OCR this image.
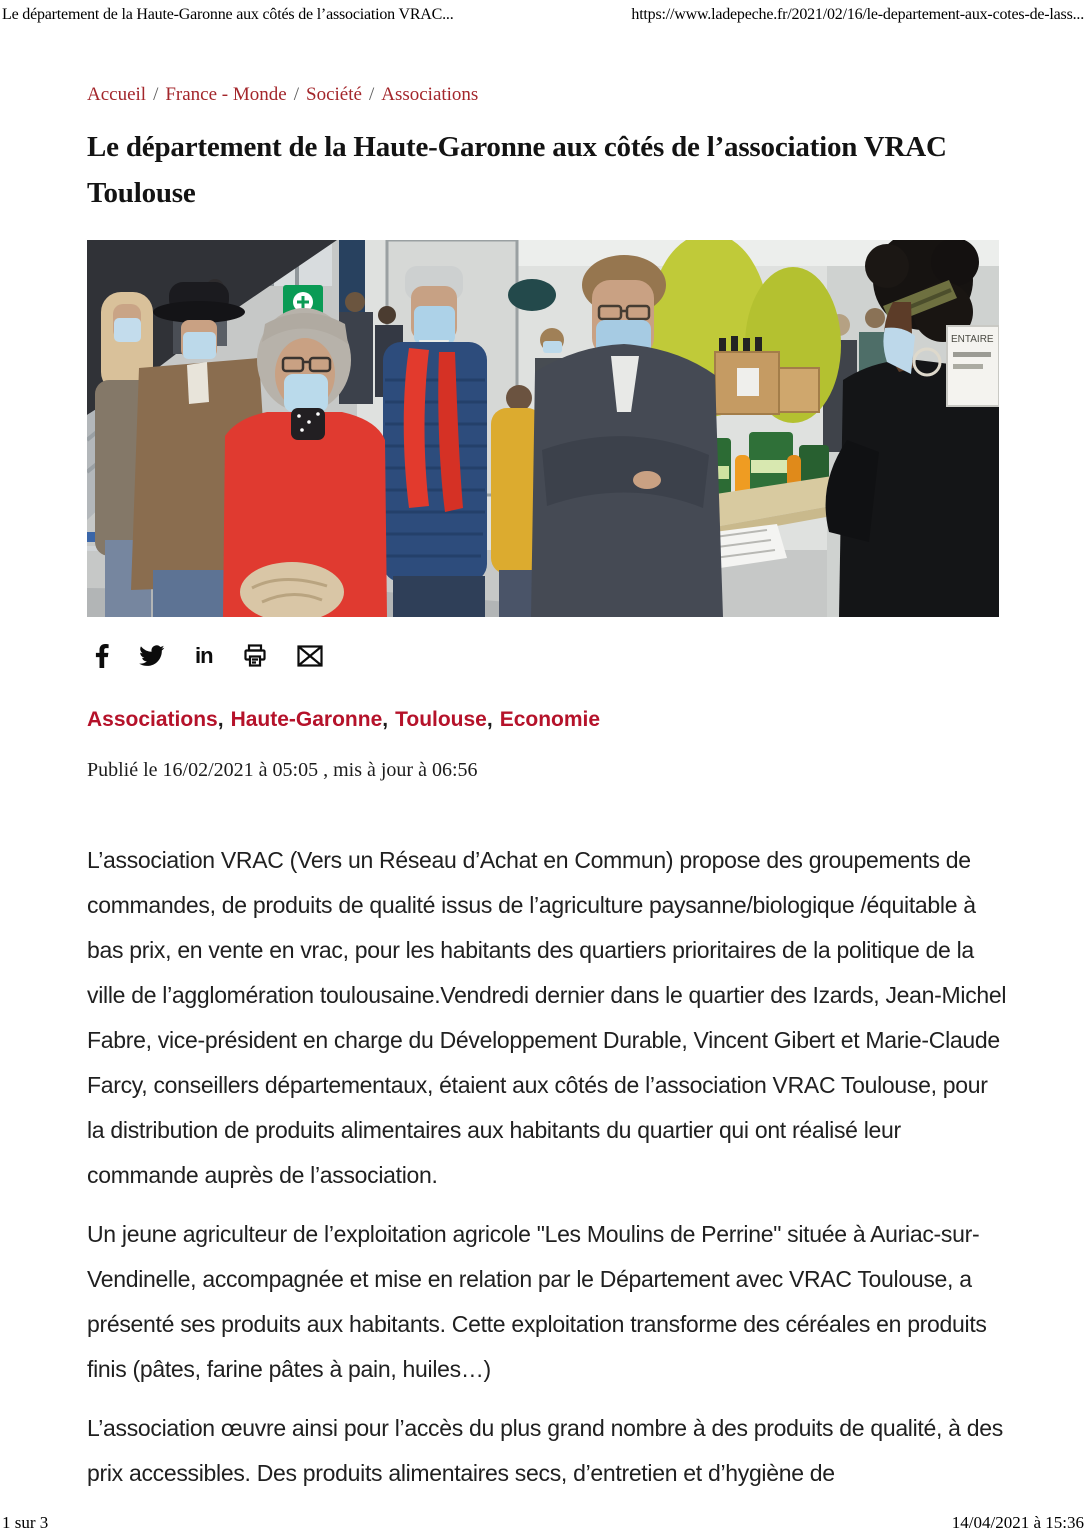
Le département de la Haute-Garonne aux côtés de l’association VRAC...	https://www.ladepeche.fr/2021/02/16/le-departement-aux-cotes-de-lass...
Accueil / France - Monde / Société / Associations
Le département de la Haute-Garonne aux côtés de l’association VRAC Toulouse
ENTAIRE
in
Associations, Haute-Garonne, Toulouse, Economie
Publié le 16/02/2021 à 05:05 , mis à jour à 06:56

L’association VRAC (Vers un Réseau d’Achat en Commun) propose des groupements de commandes, de produits de qualité issus de l’agriculture paysanne/biologique /équitable à bas prix, en vente en vrac, pour les habitants des quartiers prioritaires de la politique de la ville de l’agglomération toulousaine.Vendredi dernier dans le quartier des Izards, Jean-Michel Fabre, vice-président en charge du Développement Durable, Vincent Gibert et Marie-Claude Farcy, conseillers départementaux, étaient aux côtés de l’association VRAC Toulouse, pour la distribution de produits alimentaires aux habitants du quartier qui ont réalisé leur commande auprès de l’association.

Un jeune agriculteur de l’exploitation agricole "Les Moulins de Perrine" située à Auriac-sur-Vendinelle, accompagnée et mise en relation par le Département avec VRAC Toulouse, a présenté ses produits aux habitants. Cette exploitation transforme des céréales en produits finis (pâtes, farine pâtes à pain, huiles…)

L’association œuvre ainsi pour l’accès du plus grand nombre à des produits de qualité, à des prix accessibles. Des produits alimentaires secs, d’entretien et d’hygiène de

1 sur 3	14/04/2021 à 15:36
